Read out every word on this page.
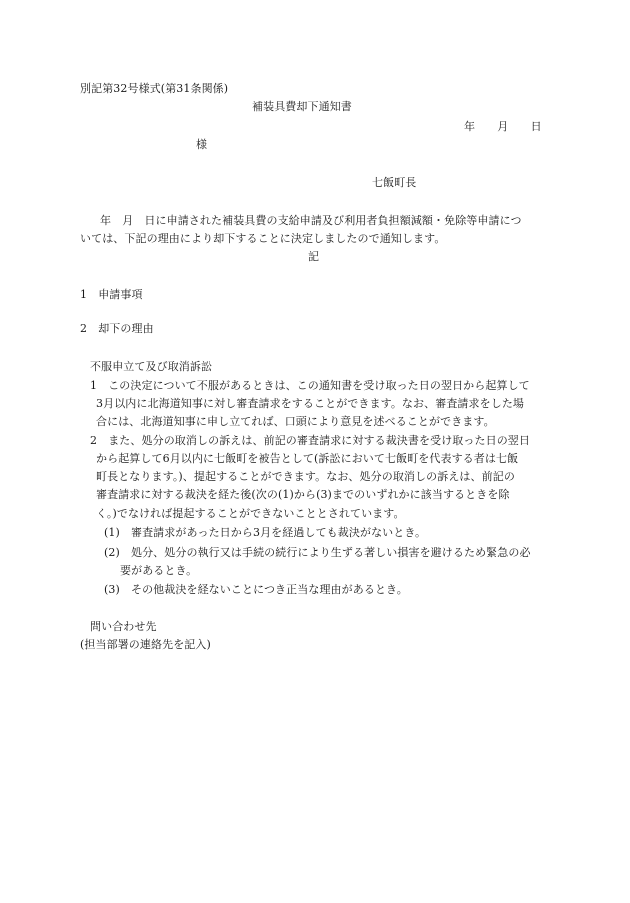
別記第32号様式(第31条関係)
補装具費却下通知書
年　　月　　日
様
七飯町長
年　月　日に申請された補装具費の支給申請及び利用者負担額減額・免除等申請につ
いては、下記の理由により却下することに決定しましたので通知します。
記
1　申請事項
2　却下の理由
不服申立て及び取消訴訟
1　この決定について不服があるときは、この通知書を受け取った日の翌日から起算して
3月以内に北海道知事に対し審査請求をすることができます。なお、審査請求をした場
合には、北海道知事に申し立てれば、口頭により意見を述べることができます。
2　また、処分の取消しの訴えは、前記の審査請求に対する裁決書を受け取った日の翌日
から起算して6月以内に七飯町を被告として(訴訟において七飯町を代表する者は七飯
町長となります。)、提起することができます。なお、処分の取消しの訴えは、前記の
審査請求に対する裁決を経た後(次の(1)から(3)までのいずれかに該当するときを除
く。)でなければ提起することができないこととされています。
(1)　審査請求があった日から3月を経過しても裁決がないとき。
(2)　処分、処分の執行又は手続の続行により生ずる著しい損害を避けるため緊急の必
要があるとき。
(3)　その他裁決を経ないことにつき正当な理由があるとき。
問い合わせ先
(担当部署の連絡先を記入)
